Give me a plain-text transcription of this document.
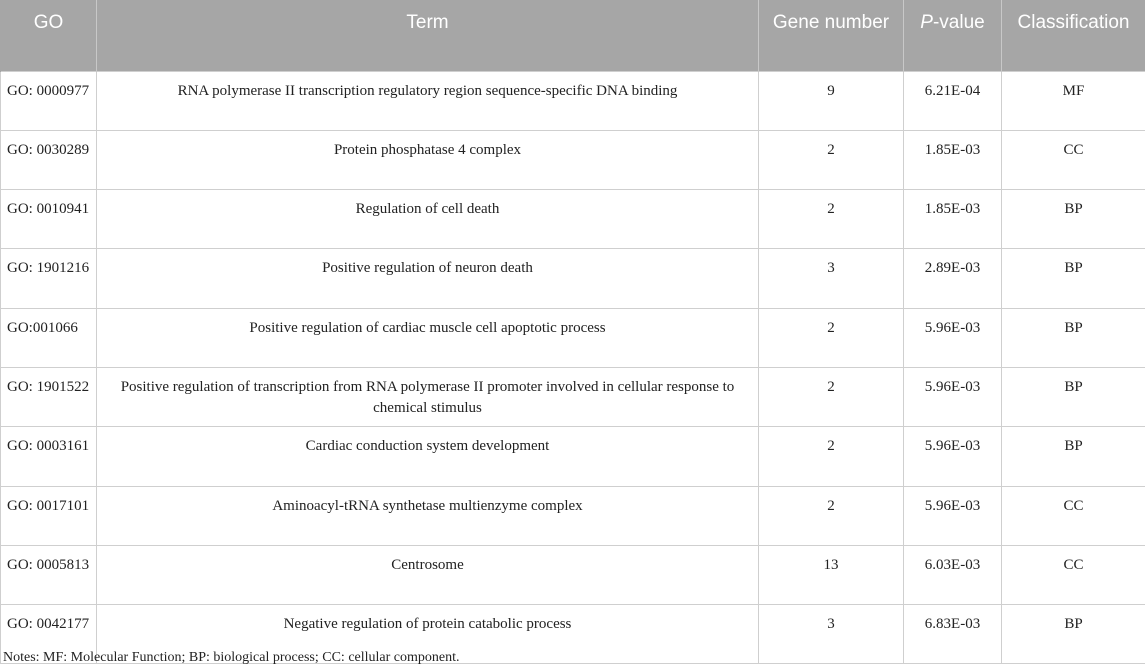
GO	Term	Gene number	P-value	Classification
GO: 0000977	RNA polymerase II transcription regulatory region sequence-specific DNA binding	9	6.21E-04	MF
GO: 0030289	Protein phosphatase 4 complex	2	1.85E-03	CC
GO: 0010941	Regulation of cell death	2	1.85E-03	BP
GO: 1901216	Positive regulation of neuron death	3	2.89E-03	BP
GO:001066	Positive regulation of cardiac muscle cell apoptotic process	2	5.96E-03	BP
GO: 1901522	Positive regulation of transcription from RNA polymerase II promoter involved in cellular response to chemical stimulus	2	5.96E-03	BP
GO: 0003161	Cardiac conduction system development	2	5.96E-03	BP
GO: 0017101	Aminoacyl-tRNA synthetase multienzyme complex	2	5.96E-03	CC
GO: 0005813	Centrosome	13	6.03E-03	CC
GO: 0042177	Negative regulation of protein catabolic process	3	6.83E-03	BP

Notes: MF: Molecular Function; BP: biological process; CC: cellular component.
